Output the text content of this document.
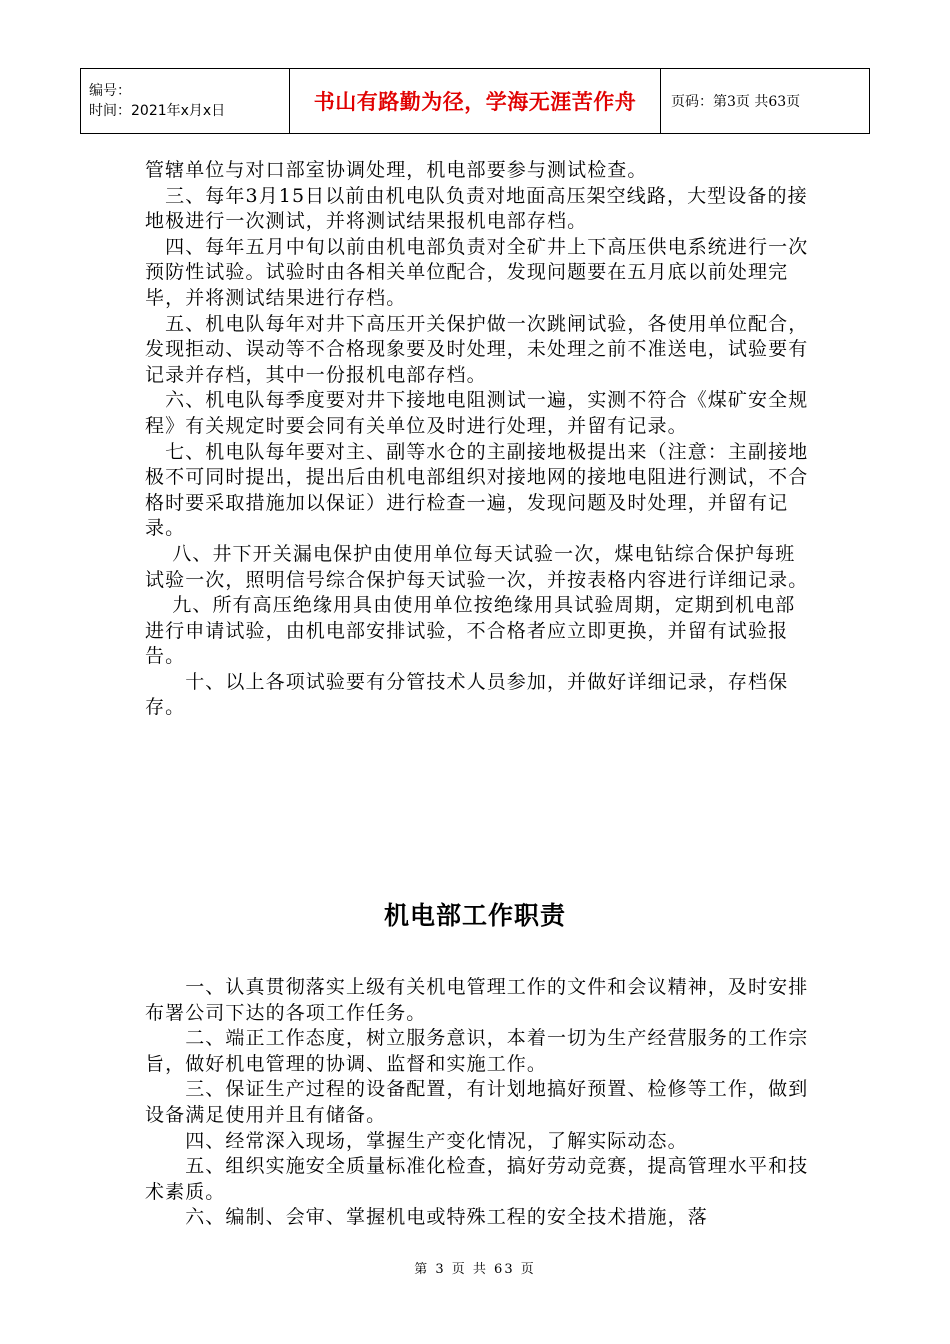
编号：
时间：2021年x月x日	书山有路勤为径，学海无涯苦作舟	页码：第3页 共63页

管辖单位与对口部室协调处理，机电部要参与测试检查。

　三、每年3月15日以前由机电队负责对地面高压架空线路，大型设备的接地极进行一次测试，并将测试结果报机电部存档。

　四、每年五月中旬以前由机电部负责对全矿井上下高压供电系统进行一次预防性试验。试验时由各相关单位配合，发现问题要在五月底以前处理完毕，并将测试结果进行存档。

　五、机电队每年对井下高压开关保护做一次跳闸试验，各使用单位配合，发现拒动、误动等不合格现象要及时处理，未处理之前不准送电，试验要有记录并存档，其中一份报机电部存档。

　六、机电队每季度要对井下接地电阻测试一遍，实测不符合《煤矿安全规程》有关规定时要会同有关单位及时进行处理，并留有记录。

　七、机电队每年要对主、副等水仓的主副接地极提出来（注意：主副接地极不可同时提出，提出后由机电部组织对接地网的接地电阻进行测试，不合格时要采取措施加以保证）进行检查一遍，发现问题及时处理，并留有记录。

　 八、井下开关漏电保护由使用单位每天试验一次，煤电钻综合保护每班试验一次，照明信号综合保护每天试验一次，并按表格内容进行详细记录。

　 九、所有高压绝缘用具由使用单位按绝缘用具试验周期，定期到机电部进行申请试验，由机电部安排试验，不合格者应立即更换，并留有试验报告。

　　十、以上各项试验要有分管技术人员参加，并做好详细记录，存档保存。

机电部工作职责

　　一、认真贯彻落实上级有关机电管理工作的文件和会议精神，及时安排布署公司下达的各项工作任务。

　　二、端正工作态度，树立服务意识，本着一切为生产经营服务的工作宗旨，做好机电管理的协调、监督和实施工作。

　　三、保证生产过程的设备配置，有计划地搞好预置、检修等工作，做到设备满足使用并且有储备。

　　四、经常深入现场，掌握生产变化情况，了解实际动态。

　　五、组织实施安全质量标准化检查，搞好劳动竞赛，提高管理水平和技术素质。

　　六、编制、会审、掌握机电或特殊工程的安全技术措施，落

第 3 页 共 63 页
